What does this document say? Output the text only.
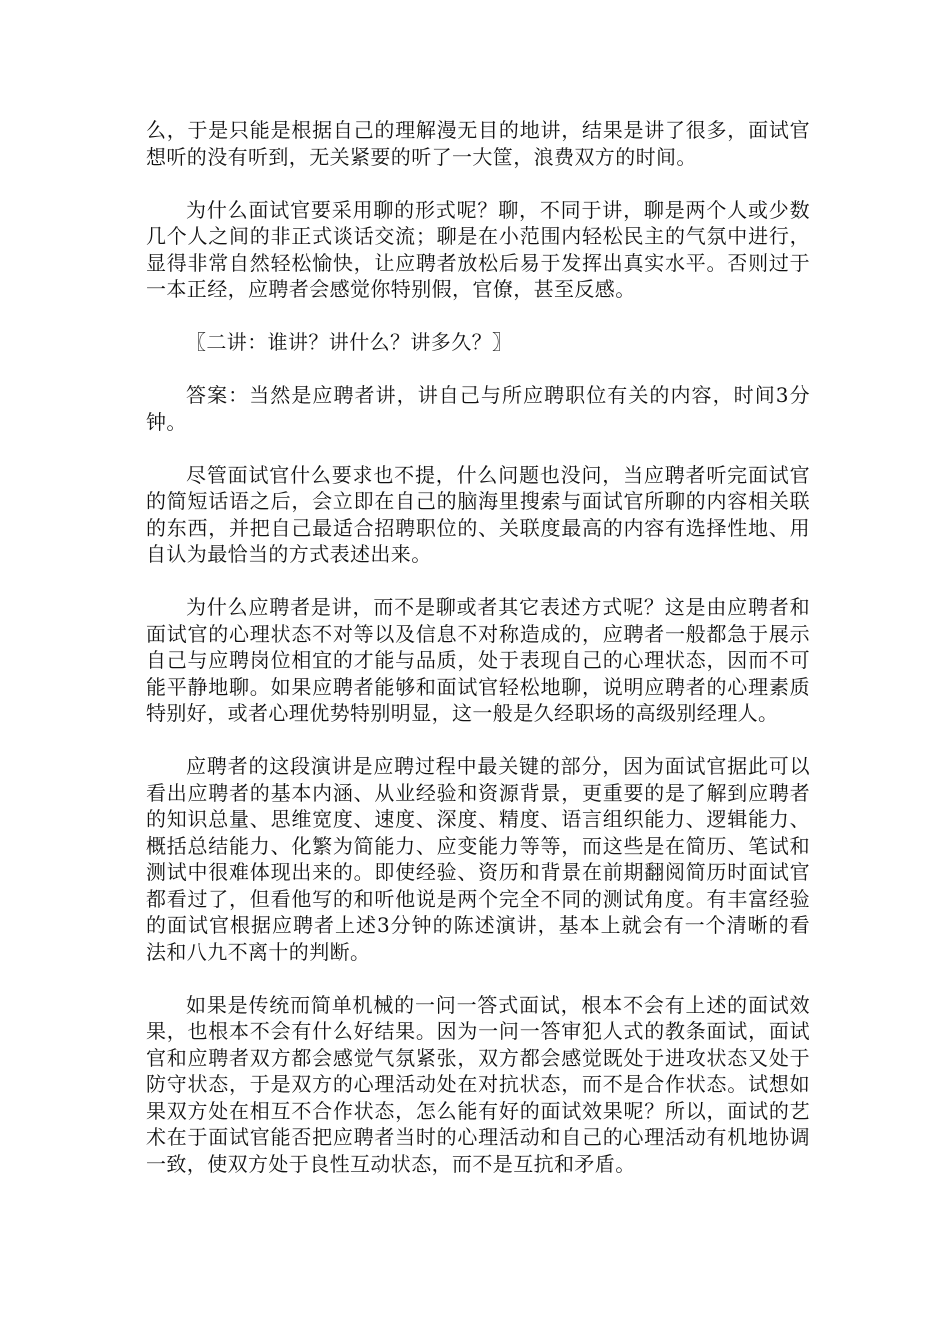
么，于是只能是根据自己的理解漫无目的地讲，结果是讲了很多，面试官想听的没有听到，无关紧要的听了一大筐，浪费双方的时间。

为什么面试官要采用聊的形式呢？聊，不同于讲，聊是两个人或少数几个人之间的非正式谈话交流；聊是在小范围内轻松民主的气氛中进行，显得非常自然轻松愉快，让应聘者放松后易于发挥出真实水平。否则过于一本正经，应聘者会感觉你特别假，官僚，甚至反感。

〖二讲：谁讲？讲什么？讲多久？〗

答案：当然是应聘者讲，讲自己与所应聘职位有关的内容，时间3分钟。

尽管面试官什么要求也不提，什么问题也没问，当应聘者听完面试官的简短话语之后，会立即在自己的脑海里搜索与面试官所聊的内容相关联的东西，并把自己最适合招聘职位的、关联度最高的内容有选择性地、用自认为最恰当的方式表述出来。

为什么应聘者是讲，而不是聊或者其它表述方式呢？这是由应聘者和面试官的心理状态不对等以及信息不对称造成的，应聘者一般都急于展示自己与应聘岗位相宜的才能与品质，处于表现自己的心理状态，因而不可能平静地聊。如果应聘者能够和面试官轻松地聊，说明应聘者的心理素质特别好，或者心理优势特别明显，这一般是久经职场的高级别经理人。

应聘者的这段演讲是应聘过程中最关键的部分，因为面试官据此可以看出应聘者的基本内涵、从业经验和资源背景，更重要的是了解到应聘者的知识总量、思维宽度、速度、深度、精度、语言组织能力、逻辑能力、概括总结能力、化繁为简能力、应变能力等等，而这些是在简历、笔试和测试中很难体现出来的。即使经验、资历和背景在前期翻阅简历时面试官都看过了，但看他写的和听他说是两个完全不同的测试角度。有丰富经验的面试官根据应聘者上述3分钟的陈述演讲，基本上就会有一个清晰的看法和八九不离十的判断。

如果是传统而简单机械的一问一答式面试，根本不会有上述的面试效果，也根本不会有什么好结果。因为一问一答审犯人式的教条面试，面试官和应聘者双方都会感觉气氛紧张，双方都会感觉既处于进攻状态又处于防守状态，于是双方的心理活动处在对抗状态，而不是合作状态。试想如果双方处在相互不合作状态，怎么能有好的面试效果呢？所以，面试的艺术在于面试官能否把应聘者当时的心理活动和自己的心理活动有机地协调一致，使双方处于良性互动状态，而不是互抗和矛盾。
